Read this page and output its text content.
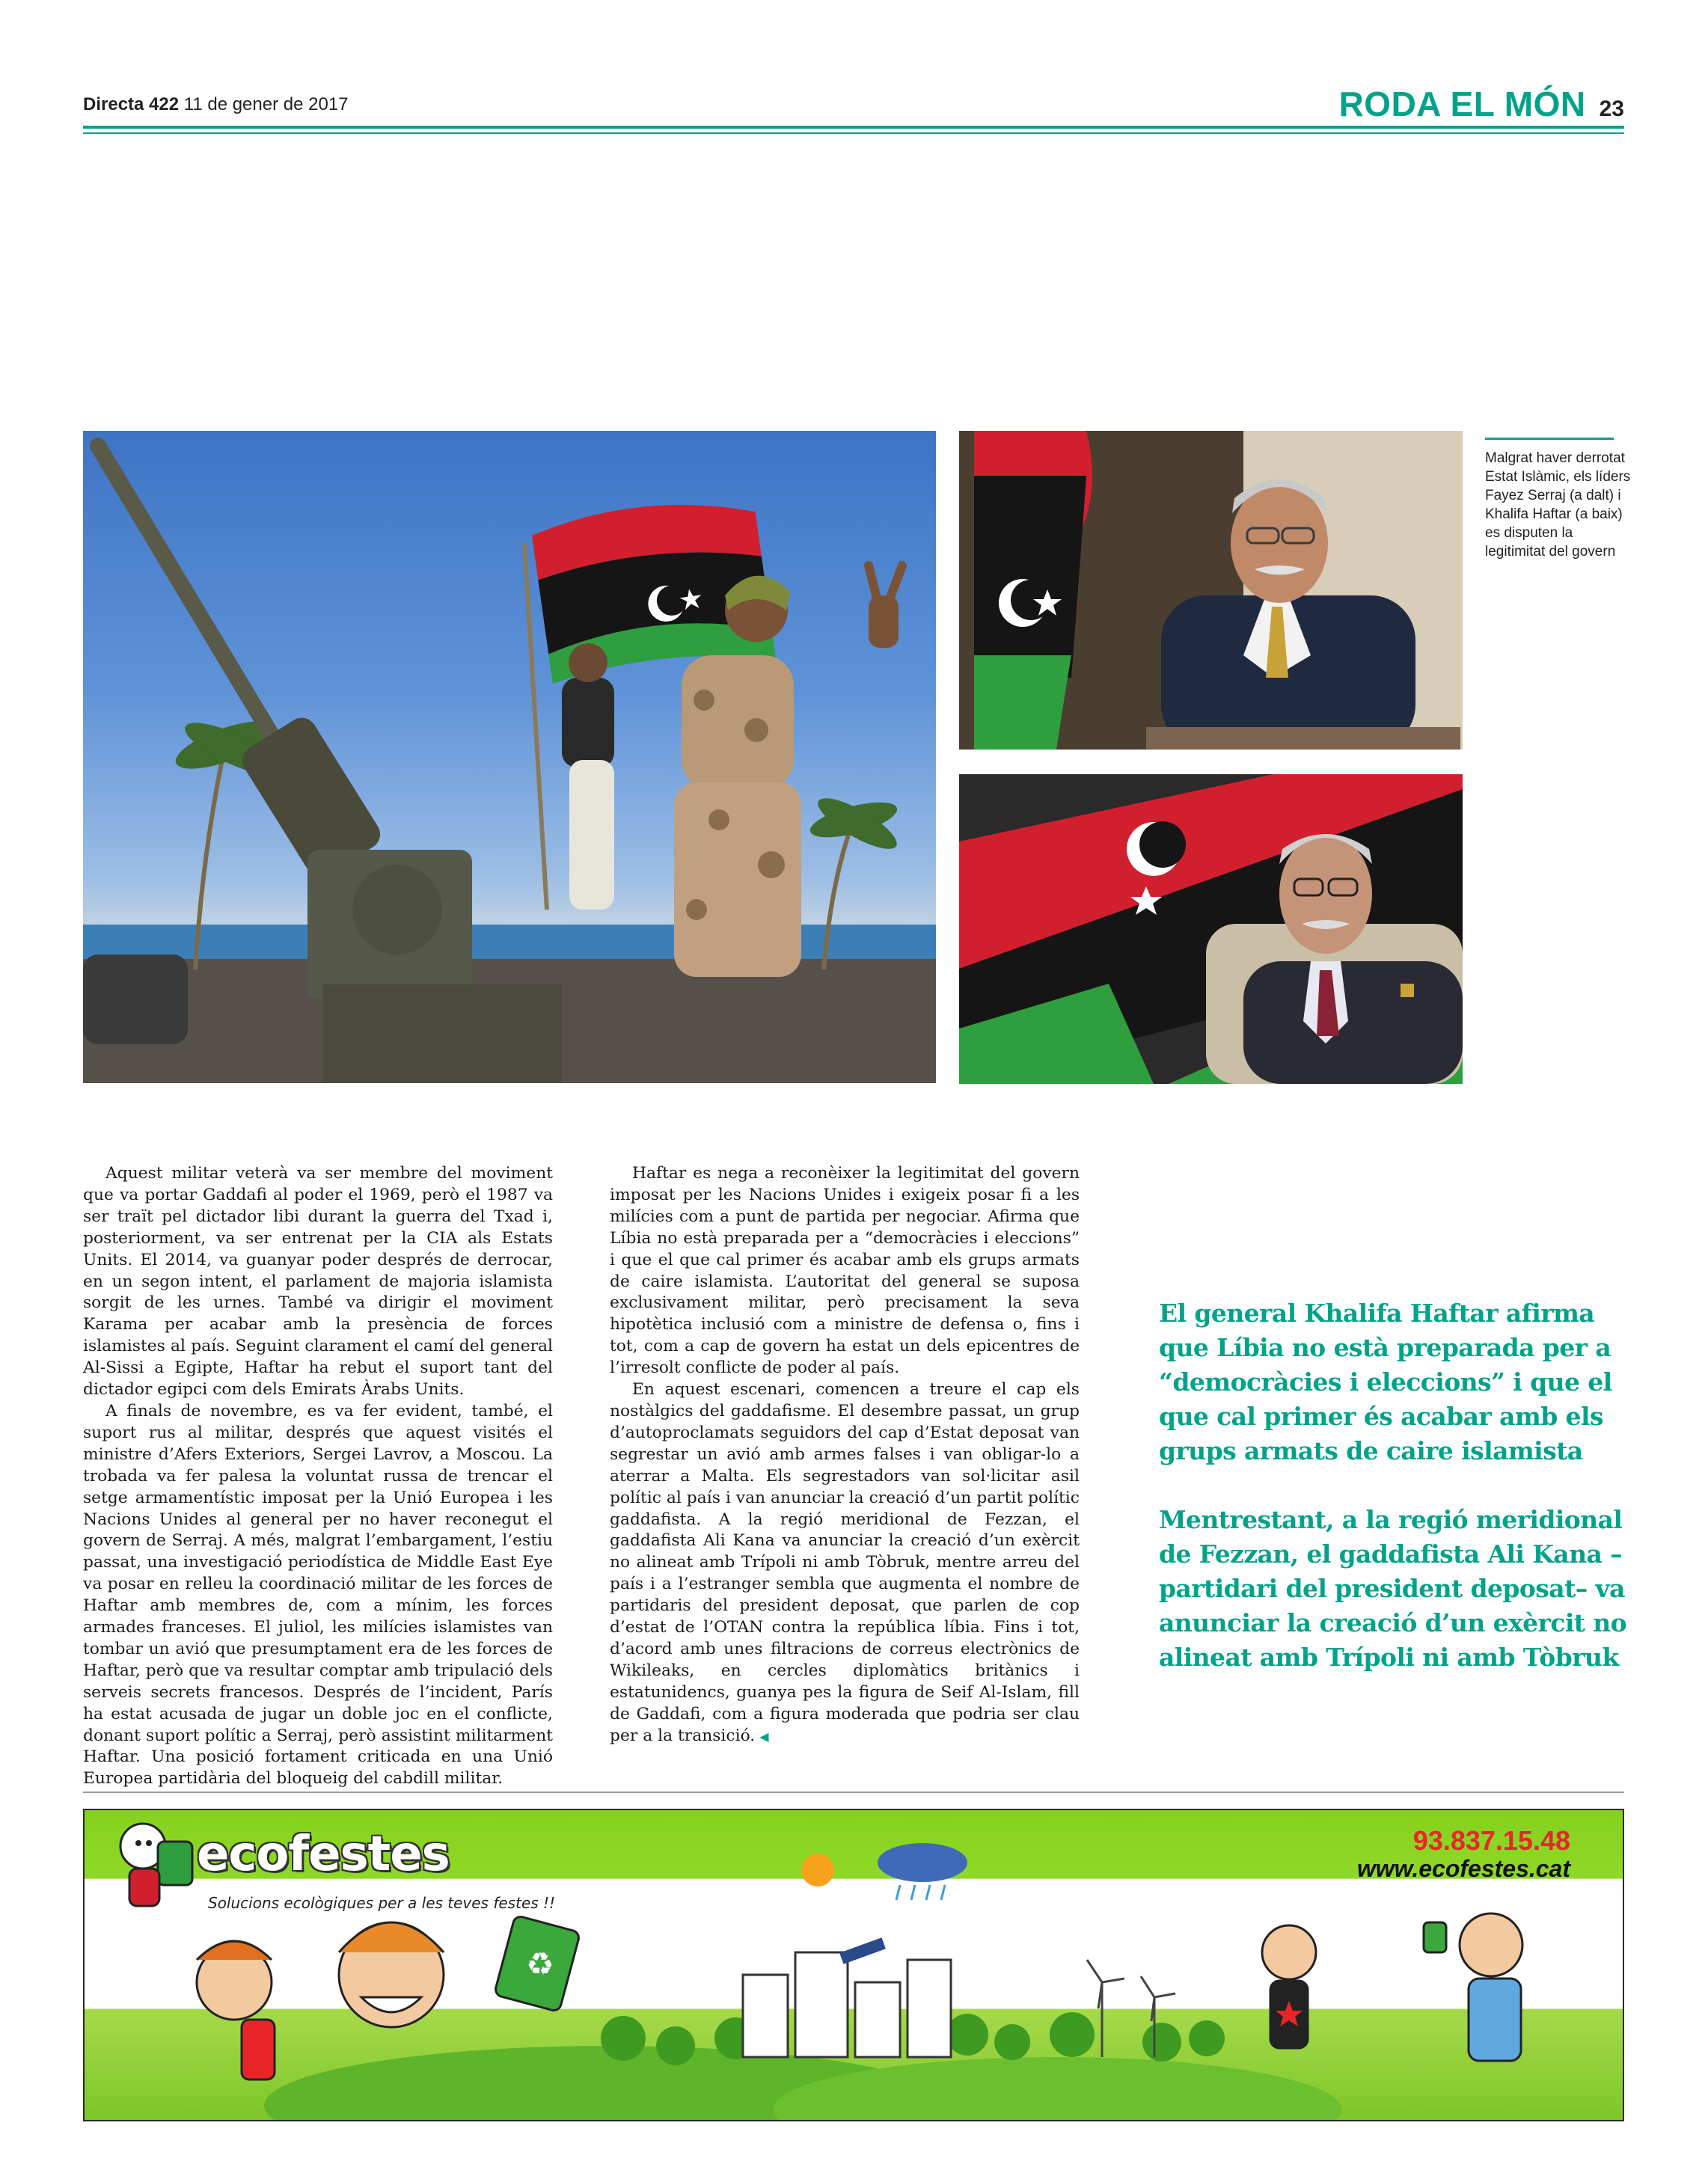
Directa 422 11 de gener de 2017	RODA EL MÓN 23
Malgrat haver derrotat Estat Islàmic, els líders Fayez Serraj (a dalt) i Khalifa Haftar (a baix) es disputen la legitimitat del govern

Aquest militar veterà va ser membre del moviment que va portar Gaddafi al poder el 1969, però el 1987 va ser traït pel dictador libi durant la guerra del Txad i, posteriorment, va ser entrenat per la CIA als Estats Units. El 2014, va guanyar poder després de derrocar, en un segon intent, el parlament de majoria islamista sorgit de les urnes. També va dirigir el moviment Karama per acabar amb la presència de forces islamistes al país. Seguint clarament el camí del general Al-Sissi a Egipte, Haftar ha rebut el suport tant del dictador egipci com dels Emirats Àrabs Units.

A finals de novembre, es va fer evident, també, el suport rus al militar, després que aquest visités el ministre d’Afers Exteriors, Sergei Lavrov, a Moscou. La trobada va fer palesa la voluntat russa de trencar el setge armamentístic imposat per la Unió Europea i les Nacions Unides al general per no haver reconegut el govern de Serraj. A més, malgrat l’embargament, l’estiu passat, una investigació periodística de Middle East Eye va posar en relleu la coordinació militar de les forces de Haftar amb membres de, com a mínim, les forces armades franceses. El juliol, les milícies islamistes van tombar un avió que presumptament era de les forces de Haftar, però que va resultar comptar amb tripulació dels serveis secrets francesos. Després de l’incident, París ha estat acusada de jugar un doble joc en el conflicte, donant suport polític a Serraj, però assistint militarment Haftar. Una posició fortament criticada en una Unió Europea partidària del bloqueig del cabdill militar.

Haftar es nega a reconèixer la legitimitat del govern imposat per les Nacions Unides i exigeix posar fi a les milícies com a punt de partida per negociar. Afirma que Líbia no està preparada per a “democràcies i eleccions” i que el que cal primer és acabar amb els grups armats de caire islamista. L’autoritat del general se suposa exclusivament militar, però precisament la seva hipotètica inclusió com a ministre de defensa o, fins i tot, com a cap de govern ha estat un dels epicentres de l’irresolt conflicte de poder al país.

En aquest escenari, comencen a treure el cap els nostàlgics del gaddafisme. El desembre passat, un grup d’autoproclamats seguidors del cap d’Estat deposat van segrestar un avió amb armes falses i van obligar-lo a aterrar a Malta. Els segrestadors van sol·licitar asil polític al país i van anunciar la creació d’un partit polític gaddafista. A la regió meridional de Fezzan, el gaddafista Ali Kana va anunciar la creació d’un exèrcit no alineat amb Trípoli ni amb Tòbruk, mentre arreu del país i a l’estranger sembla que augmenta el nombre de partidaris del president deposat, que parlen de cop d’estat de l’OTAN contra la república líbia. Fins i tot, d’acord amb unes filtracions de correus electrònics de Wikileaks, en cercles diplomàtics britànics i estatunidencs, guanya pes la figura de Seif Al-Islam, fill de Gaddafi, com a figura moderada que podria ser clau per a la transició. ◀

El general Khalifa Haftar afirma que Líbia no està preparada per a “democràcies i eleccions” i que el que cal primer és acabar amb els grups armats de caire islamista
Mentrestant, a la regió meridional de Fezzan, el gaddafista Ali Kana –partidari del president deposat– va anunciar la creació d’un exèrcit no alineat amb Trípoli ni amb Tòbruk
♻
ecofestes
Solucions ecològiques per a les teves festes !!
93.837.15.48
www.ecofestes.cat
